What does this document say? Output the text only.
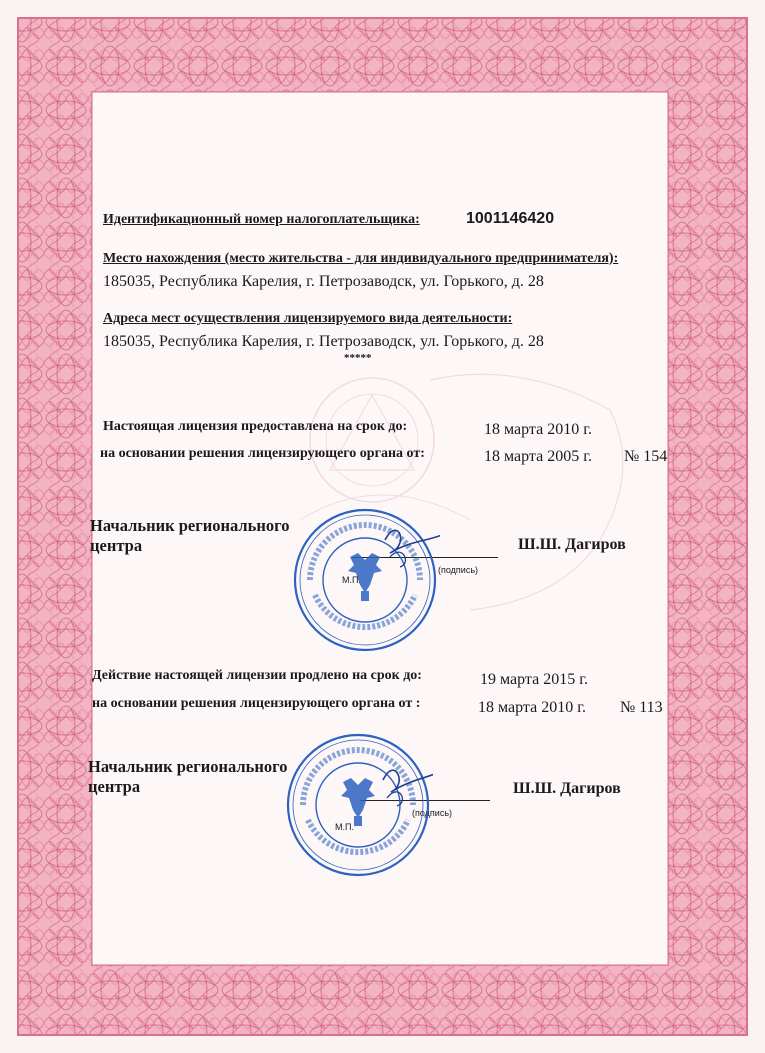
Идентификационный номер налогоплательщика:	1001146420
Место нахождения (место жительства - для индивидуального предпринимателя):
185035, Республика Карелия, г. Петрозаводск, ул. Горького, д. 28
Адреса мест осуществления лицензируемого вида деятельности:
185035, Республика Карелия, г. Петрозаводск, ул. Горького, д. 28
*****
Настоящая лицензия предоставлена на срок до:	18 марта 2010 г.
на основании решения лицензирующего органа от:	18 марта 2005 г. № 154
Начальник регионального центра
(подпись)
Ш.Ш. Дагиров
М.П.
Действие настоящей лицензии продлено на срок до:	19 марта 2015 г.
на основании решения лицензирующего органа от :	18 марта 2010 г. № 113
Начальник регионального центра
(подпись)
Ш.Ш. Дагиров
М.П.
